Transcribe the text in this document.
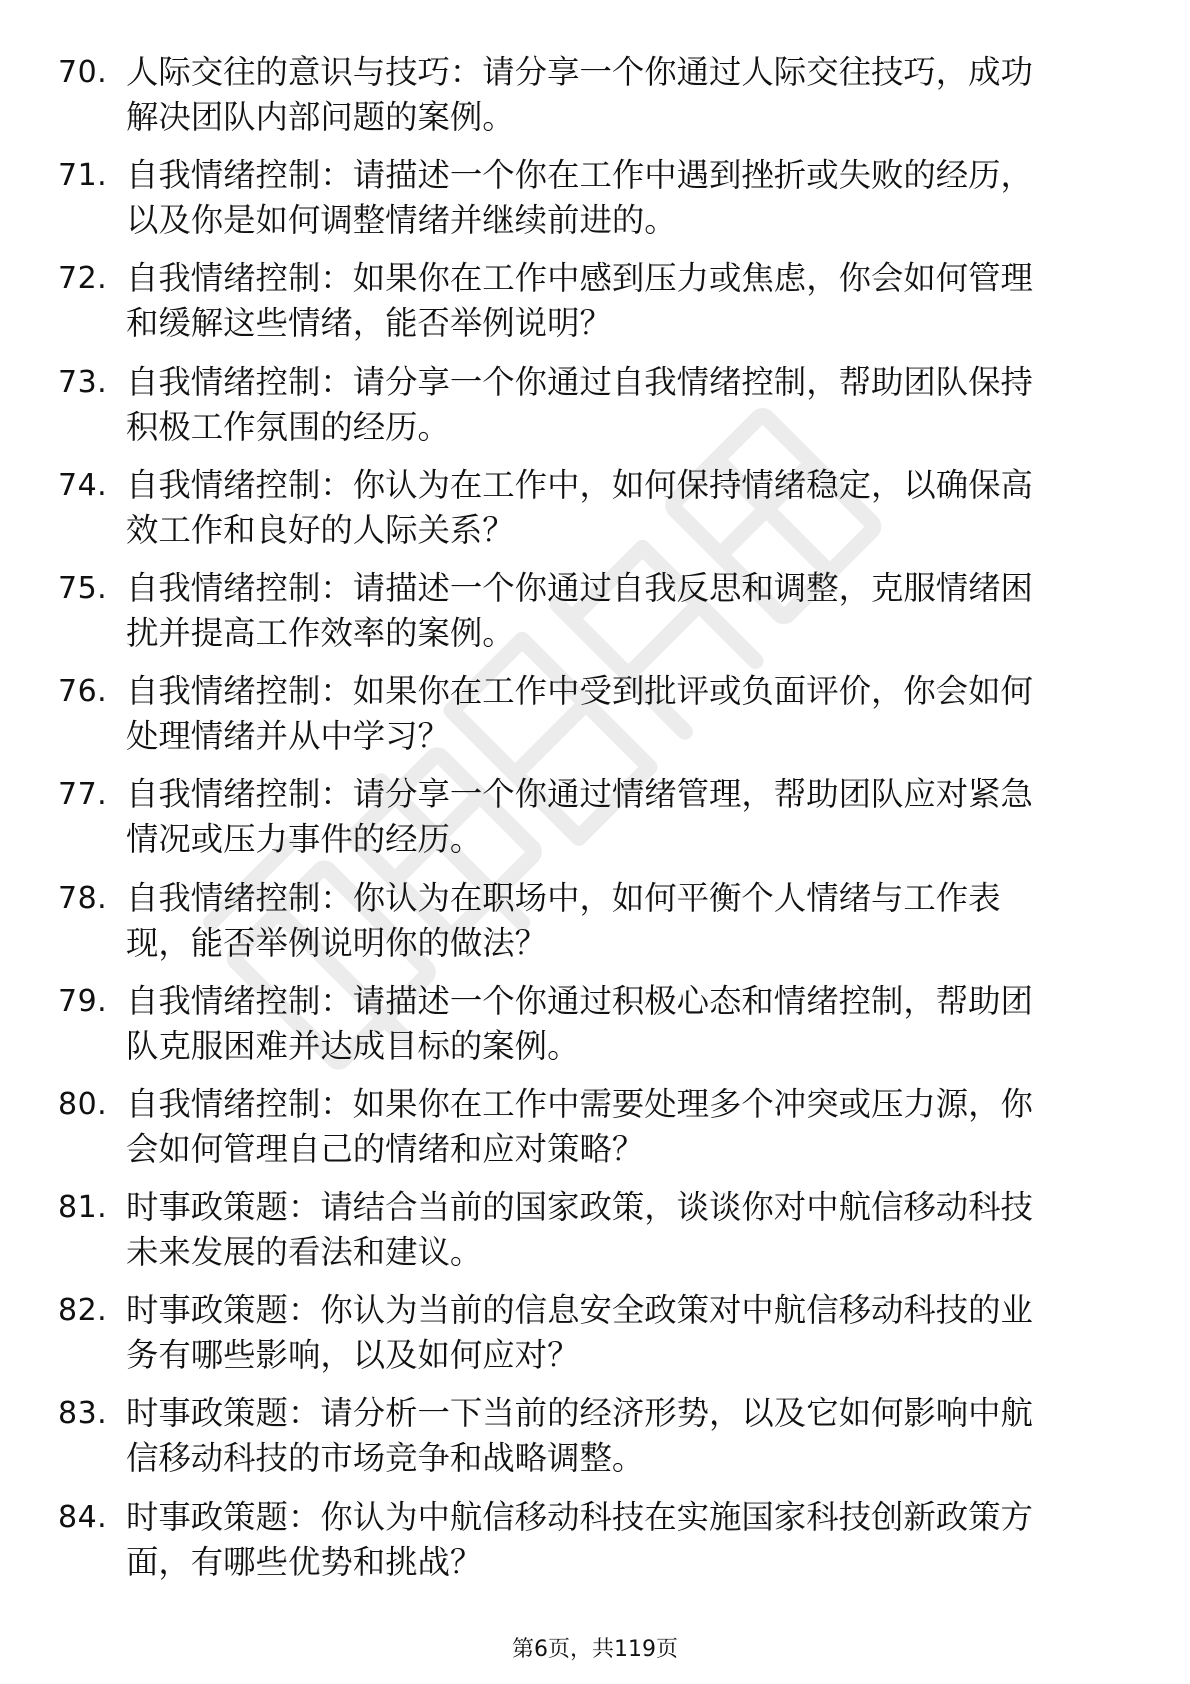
70. 人际交往的意识与技巧：请分享一个你通过人际交往技巧，成功
解决团队内部问题的案例。
71. 自我情绪控制：请描述一个你在工作中遇到挫折或失败的经历，
以及你是如何调整情绪并继续前进的。
72. 自我情绪控制：如果你在工作中感到压力或焦虑，你会如何管理
和缓解这些情绪，能否举例说明？
73. 自我情绪控制：请分享一个你通过自我情绪控制，帮助团队保持
积极工作氛围的经历。
74. 自我情绪控制：你认为在工作中，如何保持情绪稳定，以确保高
效工作和良好的人际关系？
75. 自我情绪控制：请描述一个你通过自我反思和调整，克服情绪困
扰并提高工作效率的案例。
76. 自我情绪控制：如果你在工作中受到批评或负面评价，你会如何
处理情绪并从中学习？
77. 自我情绪控制：请分享一个你通过情绪管理，帮助团队应对紧急
情况或压力事件的经历。
78. 自我情绪控制：你认为在职场中，如何平衡个人情绪与工作表
现，能否举例说明你的做法？
79. 自我情绪控制：请描述一个你通过积极心态和情绪控制，帮助团
队克服困难并达成目标的案例。
80. 自我情绪控制：如果你在工作中需要处理多个冲突或压力源，你
会如何管理自己的情绪和应对策略？
81. 时事政策题：请结合当前的国家政策，谈谈你对中航信移动科技
未来发展的看法和建议。
82. 时事政策题：你认为当前的信息安全政策对中航信移动科技的业
务有哪些影响，以及如何应对？
83. 时事政策题：请分析一下当前的经济形势，以及它如何影响中航
信移动科技的市场竞争和战略调整。
84. 时事政策题：你认为中航信移动科技在实施国家科技创新政策方
面，有哪些优势和挑战？
第6页，共119页
